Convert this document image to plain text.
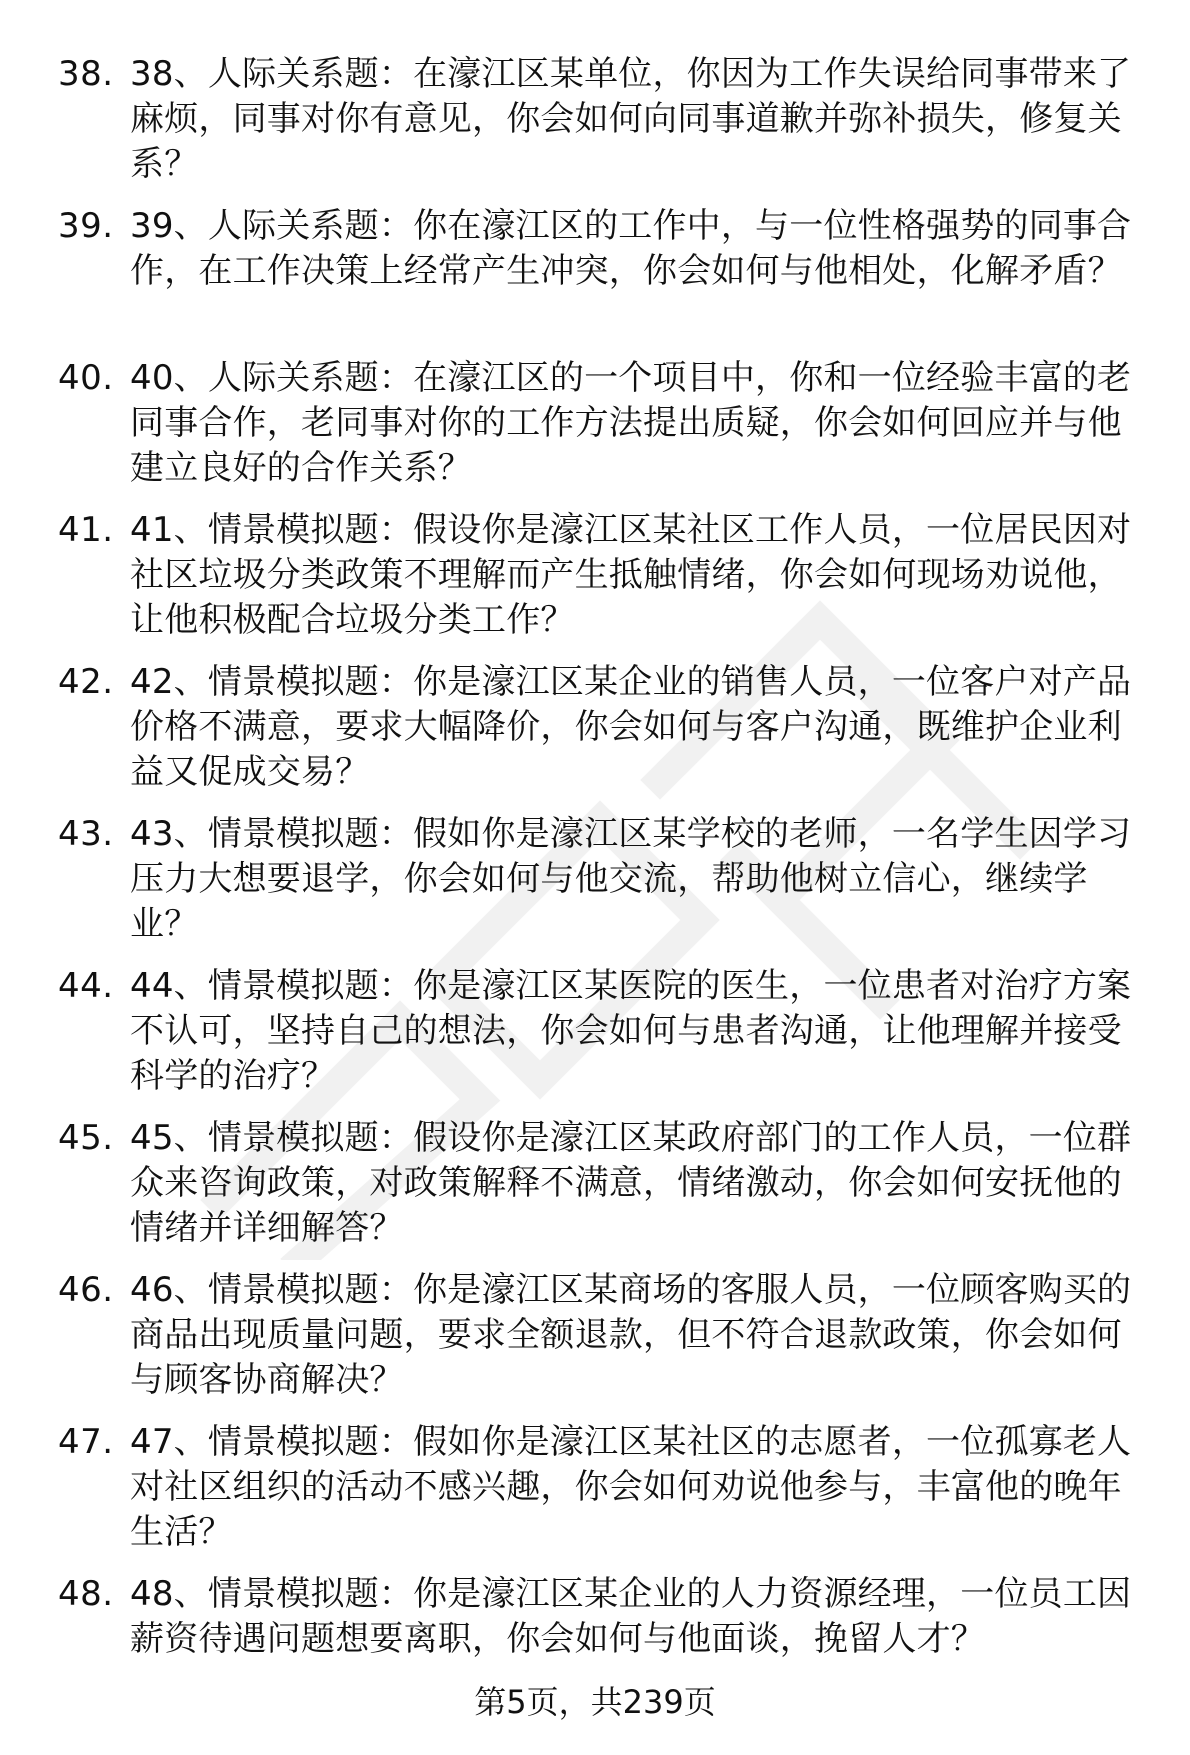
38. 38、人际关系题：在濠江区某单位，你因为工作失误给同事带来了麻烦，同事对你有意见，你会如何向同事道歉并弥补损失，修复关系？
39. 39、人际关系题：你在濠江区的工作中，与一位性格强势的同事合作，在工作决策上经常产生冲突，你会如何与他相处，化解矛盾？
40. 40、人际关系题：在濠江区的一个项目中，你和一位经验丰富的老同事合作，老同事对你的工作方法提出质疑，你会如何回应并与他建立良好的合作关系？
41. 41、情景模拟题：假设你是濠江区某社区工作人员，一位居民因对社区垃圾分类政策不理解而产生抵触情绪，你会如何现场劝说他，让他积极配合垃圾分类工作？
42. 42、情景模拟题：你是濠江区某企业的销售人员，一位客户对产品价格不满意，要求大幅降价，你会如何与客户沟通，既维护企业利益又促成交易？
43. 43、情景模拟题：假如你是濠江区某学校的老师，一名学生因学习压力大想要退学，你会如何与他交流，帮助他树立信心，继续学业？
44. 44、情景模拟题：你是濠江区某医院的医生，一位患者对治疗方案不认可，坚持自己的想法，你会如何与患者沟通，让他理解并接受科学的治疗？
45. 45、情景模拟题：假设你是濠江区某政府部门的工作人员，一位群众来咨询政策，对政策解释不满意，情绪激动，你会如何安抚他的情绪并详细解答？
46. 46、情景模拟题：你是濠江区某商场的客服人员，一位顾客购买的商品出现质量问题，要求全额退款，但不符合退款政策，你会如何与顾客协商解决？
47. 47、情景模拟题：假如你是濠江区某社区的志愿者，一位孤寡老人对社区组织的活动不感兴趣，你会如何劝说他参与，丰富他的晚年生活？
48. 48、情景模拟题：你是濠江区某企业的人力资源经理，一位员工因薪资待遇问题想要离职，你会如何与他面谈，挽留人才？
第5页，共239页
